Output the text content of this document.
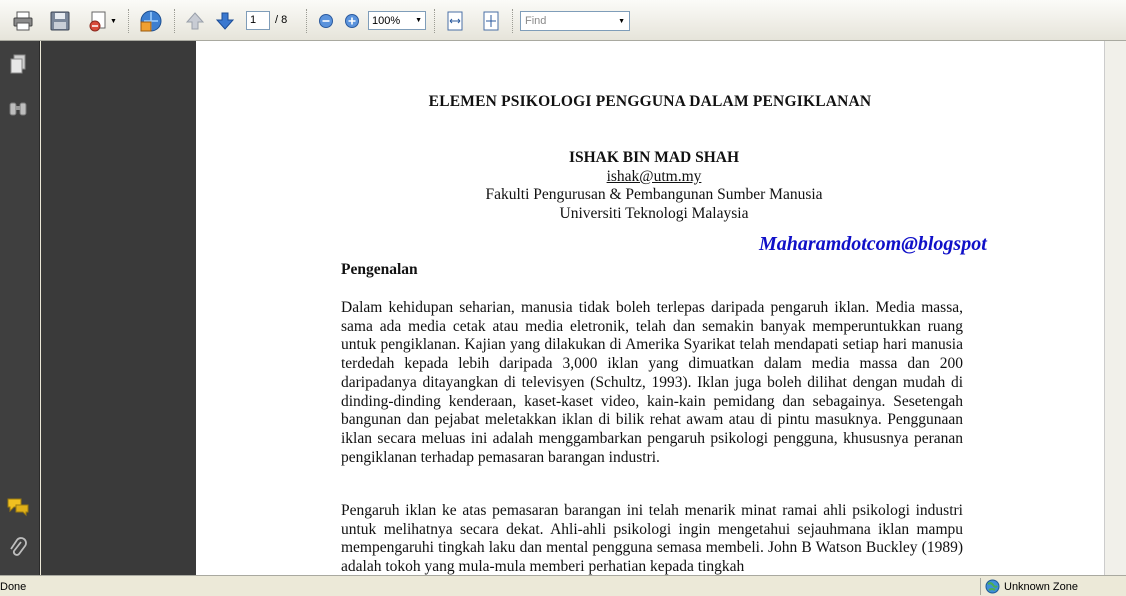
▼	1	/ 8	100% ▼	Find	▼
ELEMEN PSIKOLOGI PENGGUNA DALAM PENGIKLANAN
ISHAK BIN MAD SHAH
ishak@utm.my
Fakulti Pengurusan & Pembangunan Sumber Manusia
Universiti Teknologi Malaysia
Maharamdotcom@blogspot
Pengenalan
Dalam kehidupan seharian, manusia tidak boleh terlepas daripada pengaruh iklan. Media massa, sama ada media cetak atau media eletronik, telah dan semakin banyak memperuntukkan ruang untuk pengiklanan. Kajian yang dilakukan di Amerika Syarikat telah mendapati setiap hari manusia terdedah kepada lebih daripada 3,000 iklan yang dimuatkan dalam media massa dan 200 daripadanya ditayangkan di televisyen (Schultz, 1993). Iklan juga boleh dilihat dengan mudah di dinding-dinding kenderaan, kaset-kaset video, kain-kain pemidang dan sebagainya. Sesetengah bangunan dan pejabat meletakkan iklan di bilik rehat awam atau di pintu masuknya. Penggunaan iklan secara meluas ini adalah menggambarkan pengaruh psikologi pengguna, khususnya peranan pengiklanan terhadap pemasaran barangan industri.
Pengaruh iklan ke atas pemasaran barangan ini telah menarik minat ramai ahli psikologi industri untuk melihatnya secara dekat. Ahli-ahli psikologi ingin mengetahui sejauhmana iklan mampu mempengaruhi tingkah laku dan mental pengguna semasa membeli. John B Watson Buckley (1989) adalah tokoh yang mula-mula memberi perhatian kepada tingkah
Done	Unknown Zone
